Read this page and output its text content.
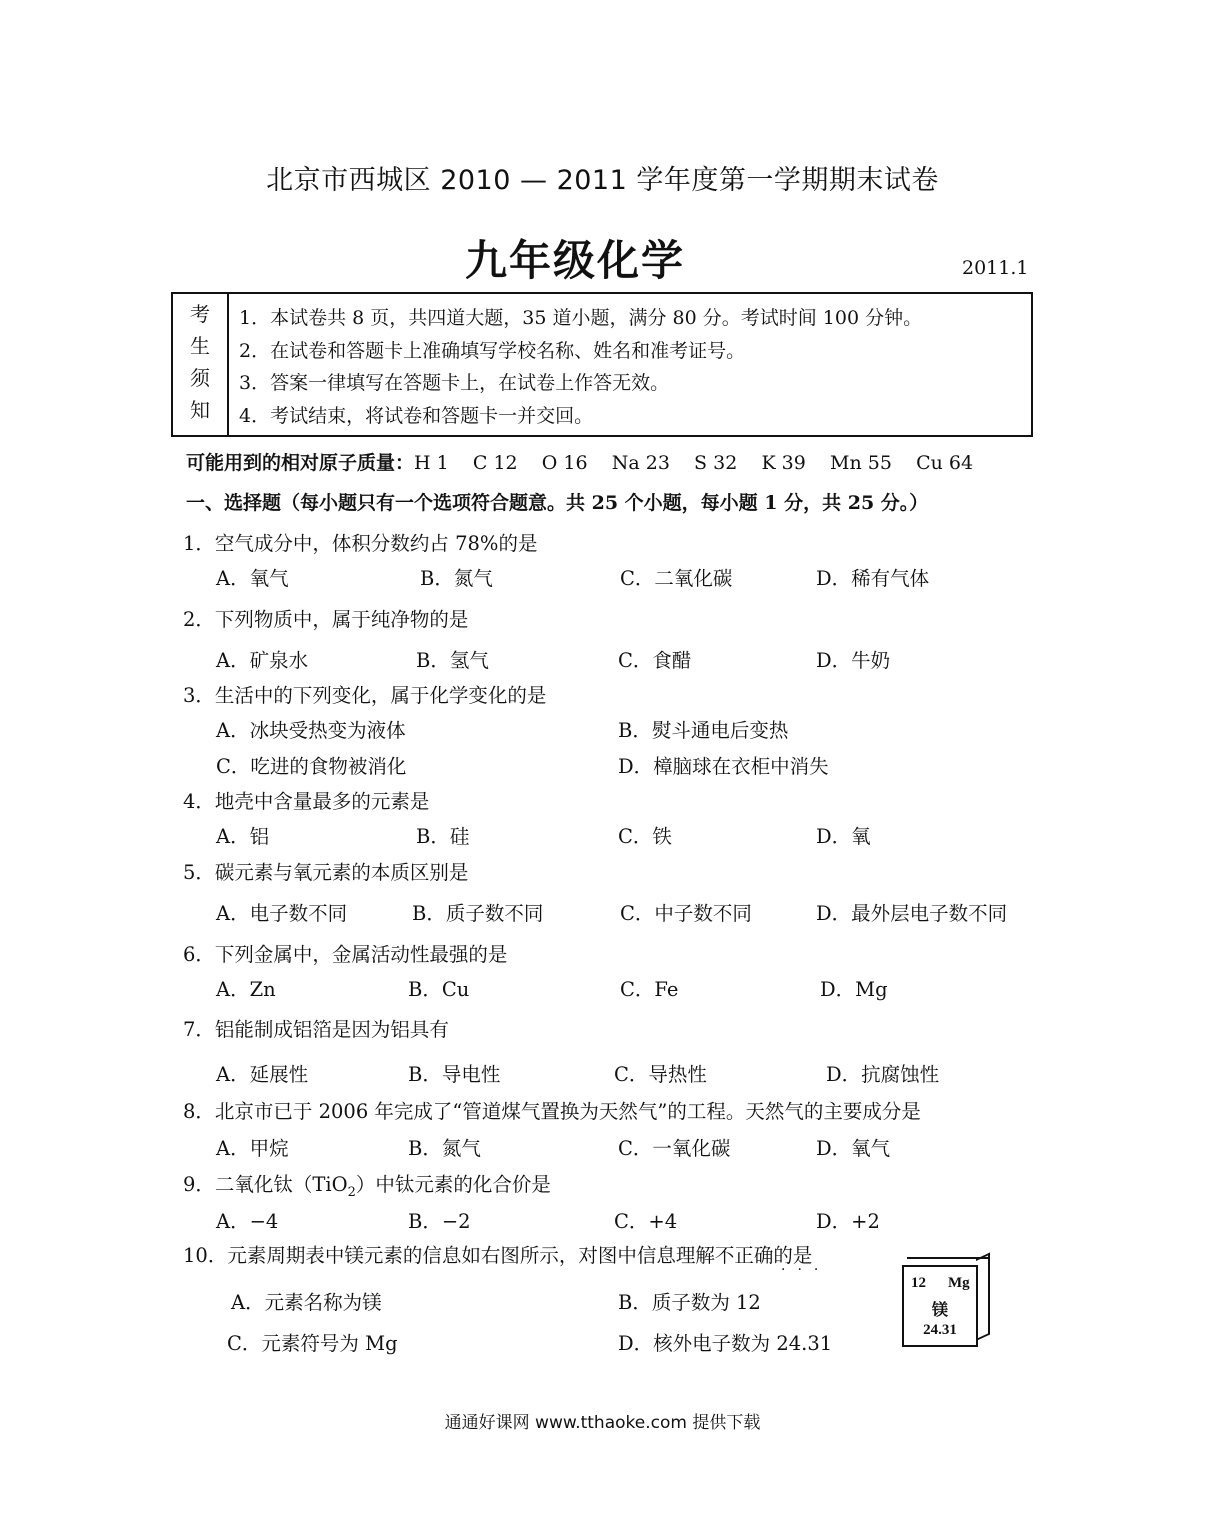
北京市西城区 2010 — 2011 学年度第一学期期末试卷
九年级化学	2011.1
考
生
须
知
1．本试卷共 8 页，共四道大题，35 道小题，满分 80 分。考试时间 100 分钟。
2．在试卷和答题卡上准确填写学校名称、姓名和准考证号。
3．答案一律填写在答题卡上，在试卷上作答无效。
4．考试结束，将试卷和答题卡一并交回。
可能用到的相对原子质量：H 1    C 12    O 16    Na 23    S 32    K 39    Mn 55    Cu 64
一、选择题（每小题只有一个选项符合题意。共 25 个小题，每小题 1 分，共 25 分。）
1．空气成分中，体积分数约占 78%的是
A．氧气	B．氮气	C．二氧化碳	D．稀有气体
2．下列物质中，属于纯净物的是
A．矿泉水	B．氢气	C．食醋	D．牛奶
3．生活中的下列变化，属于化学变化的是
A．冰块受热变为液体	B．熨斗通电后变热
C．吃进的食物被消化	D．樟脑球在衣柜中消失
4．地壳中含量最多的元素是
A．铝	B．硅	C．铁	D．氧
5．碳元素与氧元素的本质区别是
A．电子数不同	B．质子数不同	C．中子数不同	D．最外层电子数不同
6．下列金属中，金属活动性最强的是
A．Zn	B．Cu	C．Fe	D．Mg
7．铝能制成铝箔是因为铝具有
A．延展性	B．导电性	C．导热性	D．抗腐蚀性
8．北京市已于 2006 年完成了“管道煤气置换为天然气”的工程。天然气的主要成分是
A．甲烷	B．氮气	C．一氧化碳	D．氧气
9．二氧化钛（TiO$_2$）中钛元素的化合价是
A．−4	B．−2	C．+4	D．+2
10．元素周期表中镁元素的信息如右图所示，对图中信息理解不正确的是
···
A．元素名称为镁	B．质子数为 12
C．元素符号为 Mg	D．核外电子数为 24.31
12 Mg
镁
24.31
通通好课网 www.tthaoke.com 提供下载
